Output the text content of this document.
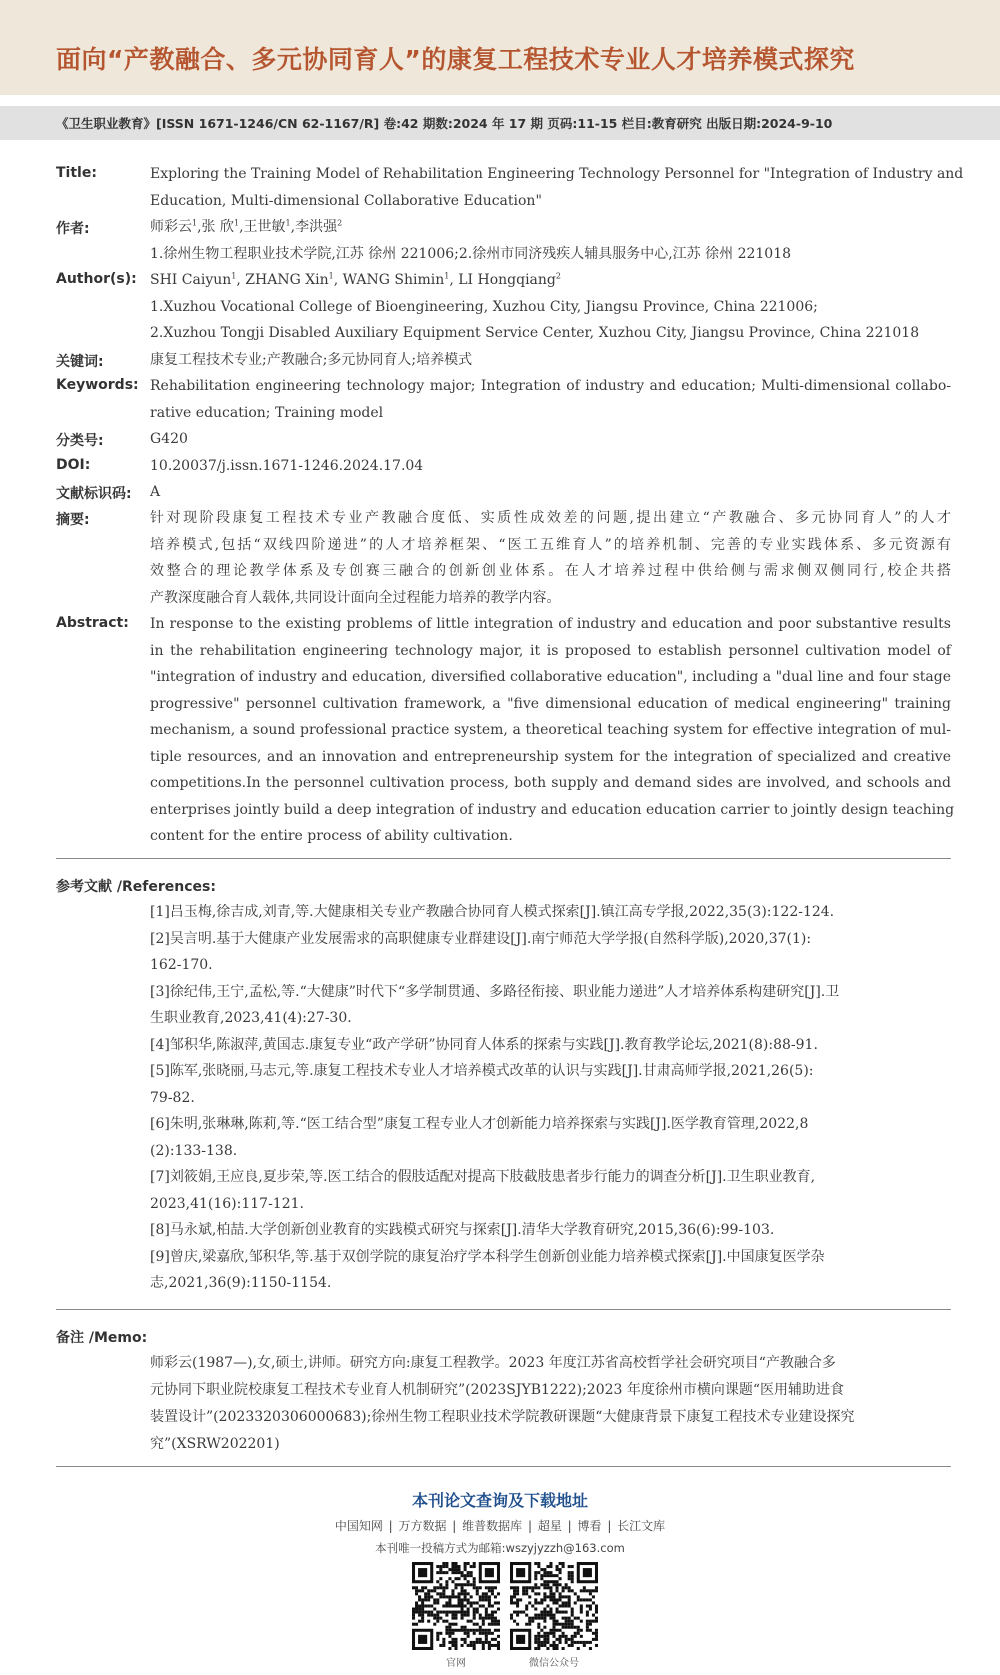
面向“产教融合、多元协同育人”的康复工程技术专业人才培养模式探究
《卫生职业教育》[ISSN 1671-1246/CN 62-1167/R] 卷:42 期数:2024 年 17 期 页码:11-15 栏目:教育研究 出版日期:2024-9-10
Title:	Exploring the Training Model of Rehabilitation Engineering Technology Personnel for "Integration of Industry and
Education, Multi-dimensional Collaborative Education"
作者:	师彩云$^1$,张 欣$^1$,王世敏$^1$,李洪强$^2$
1.徐州生物工程职业技术学院,江苏 徐州 221006;2.徐州市同济残疾人辅具服务中心,江苏 徐州 221018
Author(s): SHI Caiyun$^1$, ZHANG Xin$^1$, WANG Shimin$^1$, LI Hongqiang$^2$
1.Xuzhou Vocational College of Bioengineering, Xuzhou City, Jiangsu Province, China 221006;
2.Xuzhou Tongji Disabled Auxiliary Equipment Service Center, Xuzhou City, Jiangsu Province, China 221018
关键词:	康复工程技术专业;产教融合;多元协同育人;培养模式
Keywords: Rehabilitation engineering technology major; Integration of industry and education; Multi-dimensional collabo-
rative education; Training model
分类号:	G420
DOI:	10.20037/j.issn.1671-1246.2024.17.04
文献标识码: A
摘要:	针对现阶段康复工程技术专业产教融合度低、实质性成效差的问题,提出建立“产教融合、多元协同育人”的人才
培养模式,包括“双线四阶递进”的人才培养框架、“医工五维育人”的培养机制、完善的专业实践体系、多元资源有
效整合的理论教学体系及专创赛三融合的创新创业体系。在人才培养过程中供给侧与需求侧双侧同行,校企共搭
产教深度融合育人载体,共同设计面向全过程能力培养的教学内容。
Abstract: In response to the existing problems of little integration of industry and education and poor substantive results
in the rehabilitation engineering technology major, it is proposed to establish personnel cultivation model of
"integration of industry and education, diversified collaborative education", including a "dual line and four stage
progressive" personnel cultivation framework, a "five dimensional education of medical engineering" training
mechanism, a sound professional practice system, a theoretical teaching system for effective integration of mul-
tiple resources, and an innovation and entrepreneurship system for the integration of specialized and creative
competitions.In the personnel cultivation process, both supply and demand sides are involved, and schools and
enterprises jointly build a deep integration of industry and education education carrier to jointly design teaching
content for the entire process of ability cultivation.
参考文献 /References:
[1]吕玉梅,徐吉成,刘青,等.大健康相关专业产教融合协同育人模式探索[J].镇江高专学报,2022,35(3):122-124.
[2]吴言明.基于大健康产业发展需求的高职健康专业群建设[J].南宁师范大学学报(自然科学版),2020,37(1):
162-170.
[3]徐纪伟,王宁,孟松,等.“大健康”时代下“多学制贯通、多路径衔接、职业能力递进”人才培养体系构建研究[J].卫
生职业教育,2023,41(4):27-30.
[4]邹积华,陈淑萍,黄国志.康复专业“政产学研”协同育人体系的探索与实践[J].教育教学论坛,2021(8):88-91.
[5]陈军,张晓丽,马志元,等.康复工程技术专业人才培养模式改革的认识与实践[J].甘肃高师学报,2021,26(5):
79-82.
[6]朱明,张琳琳,陈莉,等.“医工结合型”康复工程专业人才创新能力培养探索与实践[J].医学教育管理,2022,8
(2):133-138.
[7]刘筱娟,王应良,夏步荣,等.医工结合的假肢适配对提高下肢截肢患者步行能力的调查分析[J].卫生职业教育,
2023,41(16):117-121.
[8]马永斌,柏喆.大学创新创业教育的实践模式研究与探索[J].清华大学教育研究,2015,36(6):99-103.
[9]曾庆,梁嘉欣,邹积华,等.基于双创学院的康复治疗学本科学生创新创业能力培养模式探索[J].中国康复医学杂
志,2021,36(9):1150-1154.
备注 /Memo:
师彩云(1987—),女,硕士,讲师。研究方向:康复工程教学。2023 年度江苏省高校哲学社会研究项目“产教融合多
元协同下职业院校康复工程技术专业育人机制研究”(2023SJYB1222);2023 年度徐州市横向课题“医用辅助进食
装置设计”(2023320306000683);徐州生物工程职业技术学院教研课题“大健康背景下康复工程技术专业建设探究
究”(XSRW202201)
本刊论文查询及下载地址
中国知网 | 万方数据 | 维普数据库 | 超星 | 博看 | 长江文库
本刊唯一投稿方式为邮箱:wszyjyzzh@163.com
官网	微信公众号
